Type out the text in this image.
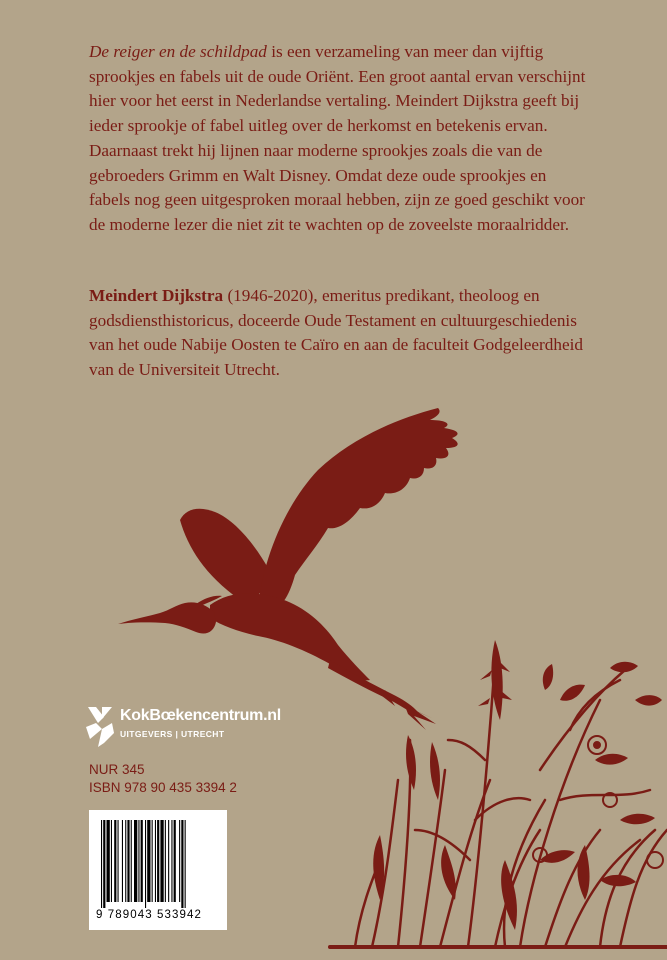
De reiger en de schildpad is een verzameling van meer dan vijftig sprookjes en fabels uit de oude Oriënt. Een groot aantal ervan verschijnt hier voor het eerst in Nederlandse vertaling. Meindert Dijkstra geeft bij ieder sprookje of fabel uitleg over de herkomst en betekenis ervan. Daarnaast trekt hij lijnen naar moderne sprookjes zoals die van de gebroeders Grimm en Walt Disney. Omdat deze oude sprookjes en fabels nog geen uitgesproken moraal hebben, zijn ze goed geschikt voor de moderne lezer die niet zit te wachten op de zoveelste moraalridder.

Meindert Dijkstra (1946-2020), emeritus predikant, theoloog en godsdiensthistoricus, doceerde Oude Testament en cultuurgeschiedenis van het oude Nabije Oosten te Caïro en aan de faculteit Godgeleerdheid van de Universiteit Utrecht.

KokBœkencentrum.nl
UITGEVERS | UTRECHT
NUR 345
ISBN 978 90 435 3394 2
9 789043 533942
